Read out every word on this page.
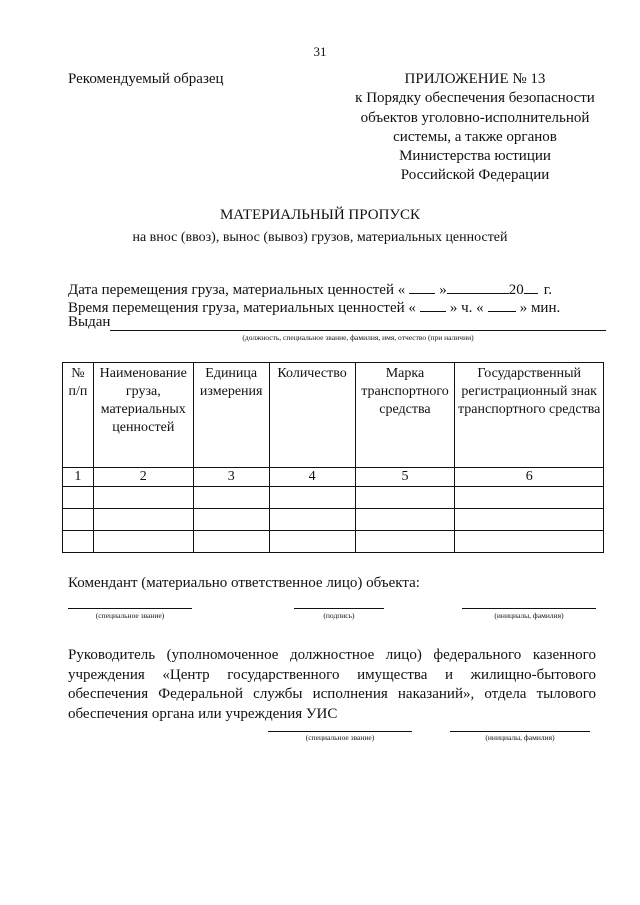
31
Рекомендуемый образец	ПРИЛОЖЕНИЕ № 13
к Порядку обеспечения безопасности
объектов уголовно-исполнительной
системы, а также органов
Министерства юстиции
Российской Федерации
МАТЕРИАЛЬНЫЙ ПРОПУСК
на внос (ввоз), вынос (вывоз) грузов, материальных ценностей
Дата перемещения груза, материальных ценностей « »	20 г.
Время перемещения груза, материальных ценностей « » ч. « » мин.
Выдан
(должность, специальное звание, фамилия, имя, отчество (при наличии)
№ п/п	Наименование груза, материальных ценностей	Единица измерения	Количество	Марка транспортного средства	Государственный регистрационный знак транспортного средства
1	2	3	4	5	6

Комендант (материально ответственное лицо) объекта:
(специальное звание)	(подпись)	(инициалы, фамилия)
Руководитель (уполномоченное должностное лицо) федерального казенного
учреждения «Центр государственного имущества и жилищно-бытового
обеспечения Федеральной службы исполнения наказаний», отдела тылового
обеспечения органа или учреждения УИС
(специальное звание)	(инициалы, фамилия)
